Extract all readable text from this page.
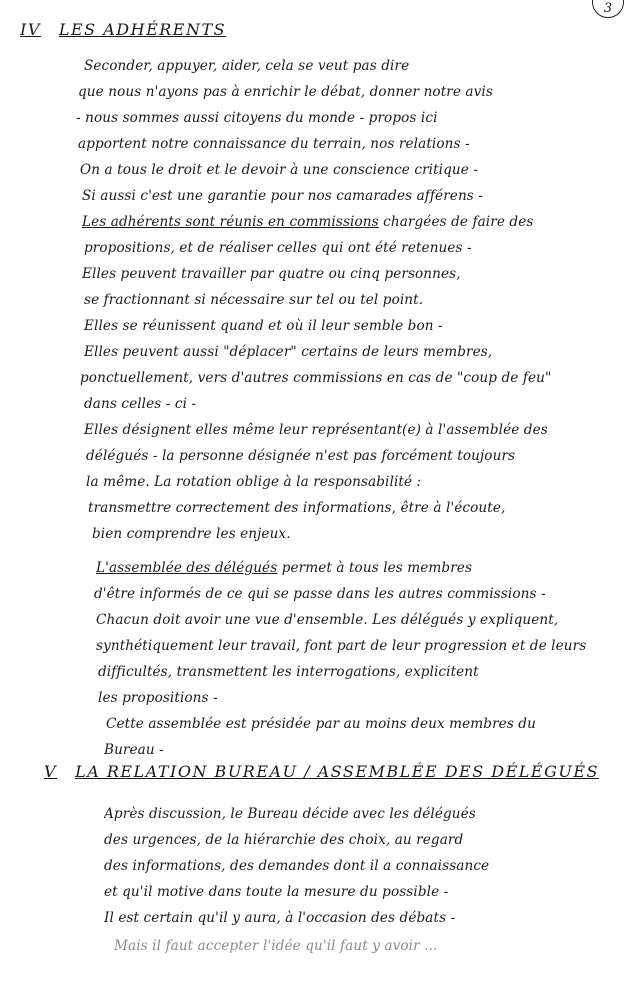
3
IV LES ADHÉRENTS
Seconder, appuyer, aider, cela se veut pas dire
que nous n'ayons pas à enrichir le débat, donner notre avis
- nous sommes aussi citoyens du monde - propos ici
apportent notre connaissance du terrain, nos relations -
On a tous le droit et le devoir à une conscience critique -
Si aussi c'est une garantie pour nos camarades afférens -
Les adhérents sont réunis en commissions chargées de faire des
propositions, et de réaliser celles qui ont été retenues -
Elles peuvent travailler par quatre ou cinq personnes,
se fractionnant si nécessaire sur tel ou tel point.
Elles se réunissent quand et où il leur semble bon -
Elles peuvent aussi "déplacer" certains de leurs membres,
ponctuellement, vers d'autres commissions en cas de "coup de feu"
dans celles - ci -
Elles désignent elles même leur représentant(e) à l'assemblée des
délégués - la personne désignée n'est pas forcément toujours
la même. La rotation oblige à la responsabilité :
transmettre correctement des informations, être à l'écoute,
bien comprendre les enjeux.
L'assemblée des délégués permet à tous les membres
d'être informés de ce qui se passe dans les autres commissions -
Chacun doit avoir une vue d'ensemble. Les délégués y expliquent,
synthétiquement leur travail, font part de leur progression et de leurs
difficultés, transmettent les interrogations, explicitent
les propositions -
Cette assemblée est présidée par au moins deux membres du
Bureau -
V LA RELATION BUREAU / ASSEMBLÉE DES DÉLÉGUÉS
Après discussion, le Bureau décide avec les délégués
des urgences, de la hiérarchie des choix, au regard
des informations, des demandes dont il a connaissance
et qu'il motive dans toute la mesure du possible -
Il est certain qu'il y aura, à l'occasion des débats -
Mais il faut accepter l'idée qu'il faut y avoir ...
